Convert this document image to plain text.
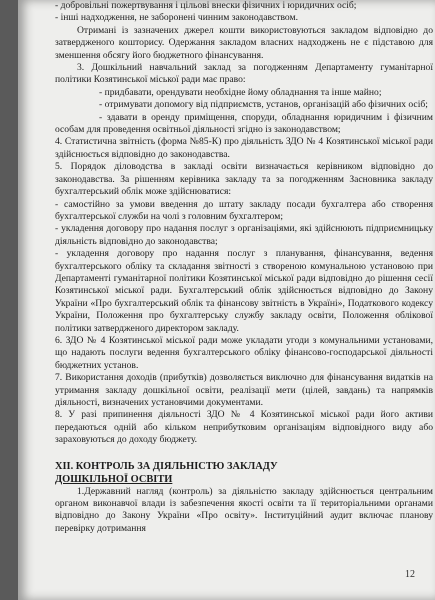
- добровільні пожертвування і цільові внески фізичних і юридичних осіб;

- інші надходження, не заборонені чинним законодавством.

Отримані із зазначених джерел кошти використовуються закладом відповідно до затвердженого кошторису. Одержання закладом власних надходжень не є підставою для зменшення обсягу його бюджетного фінансування.

3. Дошкільний навчальний заклад за погодженням Департаменту гуманітарної політики Козятинської міської ради має право:

- придбавати, орендувати необхідне йому обладнання та інше майно;

- отримувати допомогу від підприємств, установ, організацій або фізичних осіб;

- здавати в оренду приміщення, споруди, обладнання юридичним і фізичним особам для проведення освітньої діяльності згідно із законодавством;

4. Статистична звітність (форма №85-К) про діяльність ЗДО № 4 Козятинської міської ради здійснюється відповідно до законодавства.

5. Порядок діловодства в закладі освіти визначається керівником відповідно до законодавства. За рішенням керівника закладу та за погодженням Засновника закладу бухгалтерський облік може здійснюватися:

- самостійно за умови введення до штату закладу посади бухгалтера або створення бухгалтерської служби на чолі з головним бухгалтером;

- укладення договору про надання послуг з організаціями, які здійснюють підприємницьку діяльність відповідно до законодавства;

- укладення договору про надання послуг з планування, фінансування, ведення бухгалтерського обліку та складання звітності з створеною комунальною установою при Департаменті гуманітарної політики Козятинської міської ради відповідно до рішення сесії Козятинської міської ради. Бухгалтерський облік здійснюється відповідно до Закону України «Про бухгалтерський облік та фінансову звітність в Україні», Податкового кодексу України, Положення про бухгалтерську службу закладу освіти, Положення облікової політики затвердженого директором закладу.

6. ЗДО № 4 Козятинської міської ради може укладати угоди з комунальними установами, що надають послуги ведення бухгалтерського обліку фінансово-господарської діяльності бюджетних установ.

7. Використання доходів (прибутків) дозволяється виключно для фінансування видатків на утримання закладу дошкільної освіти, реалізації мети (цілей, завдань) та напрямків діяльності, визначених установчими документами.

8. У разі припинення діяльності ЗДО № 4 Козятинської міської ради його активи передаються одній або кільком неприбутковим організаціям відповідного виду або зараховуються до доходу бюджету.

XII. КОНТРОЛЬ ЗА ДІЯЛЬНІСТЮ ЗАКЛАДУ

ДОШКІЛЬНОЇ ОСВІТИ

1.Державний нагляд (контроль) за діяльністю закладу здійснюється центральним органом виконавчої влади із забезпечення якості освіти та її територіальними органами відповідно до Закону України «Про освіту». Інституційний аудит включає планову перевірку дотримання

12
